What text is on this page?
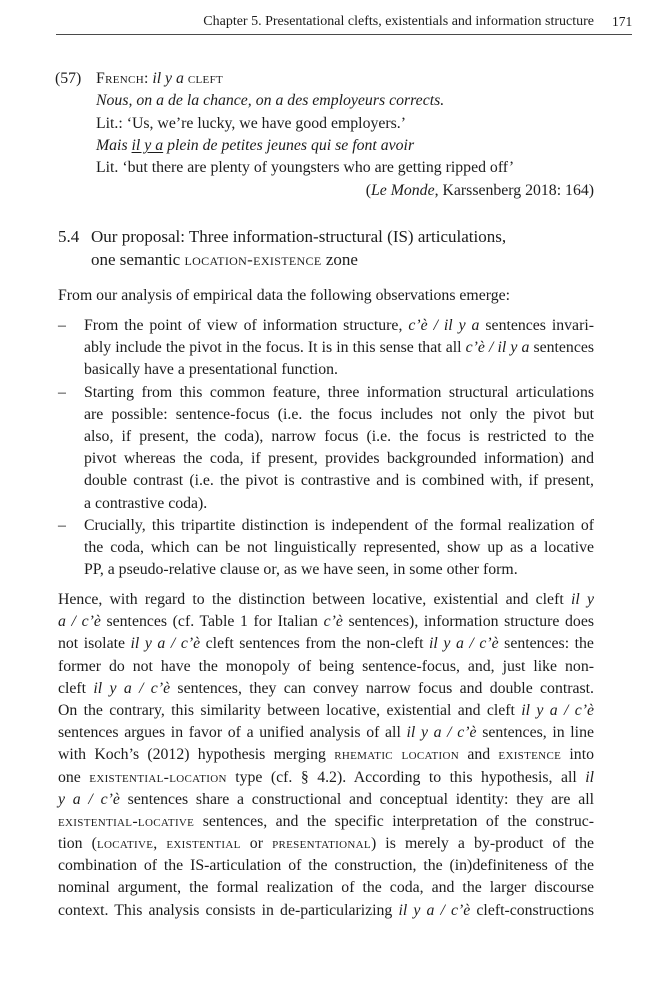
Chapter 5. Presentational clefts, existentials and information structure 171
(57) French: il y a cleft
Nous, on a de la chance, on a des employeurs corrects.
Lit.: ‘Us, we’re lucky, we have good employers.’
Mais il y a plein de petites jeunes qui se font avoir
Lit. ‘but there are plenty of youngsters who are getting ripped off’
(Le Monde, Karssenberg 2018: 164)
5.4 Our proposal: Three information-structural (IS) articulations,
one semantic location-existence zone
From our analysis of empirical data the following observations emerge:
– From the point of view of information structure, c’è / il y a sentences invari-
ably include the pivot in the focus. It is in this sense that all c’è / il y a sentences
basically have a presentational function.
– Starting from this common feature, three information structural articulations
are possible: sentence-focus (i.e. the focus includes not only the pivot but
also, if present, the coda), narrow focus (i.e. the focus is restricted to the
pivot whereas the coda, if present, provides backgrounded information) and
double contrast (i.e. the pivot is contrastive and is combined with, if present,
a contrastive coda).
– Crucially, this tripartite distinction is independent of the formal realization of
the coda, which can be not linguistically represented, show up as a locative
PP, a pseudo-relative clause or, as we have seen, in some other form.
Hence, with regard to the distinction between locative, existential and cleft il y
a / c’è sentences (cf. Table 1 for Italian c’è sentences), information structure does
not isolate il y a / c’è cleft sentences from the non-cleft il y a / c’è sentences: the
former do not have the monopoly of being sentence-focus, and, just like non-
cleft il y a / c’è sentences, they can convey narrow focus and double contrast.
On the contrary, this similarity between locative, existential and cleft il y a / c’è
sentences argues in favor of a unified analysis of all il y a / c’è sentences, in line
with Koch’s (2012) hypothesis merging rhematic location and existence into
one existential-location type (cf. § 4.2). According to this hypothesis, all il
y a / c’è sentences share a constructional and conceptual identity: they are all
existential-locative sentences, and the specific interpretation of the construc-
tion (locative, existential or presentational) is merely a by-product of the
combination of the IS-articulation of the construction, the (in)definiteness of the
nominal argument, the formal realization of the coda, and the larger discourse
context. This analysis consists in de-particularizing il y a / c’è cleft-constructions
